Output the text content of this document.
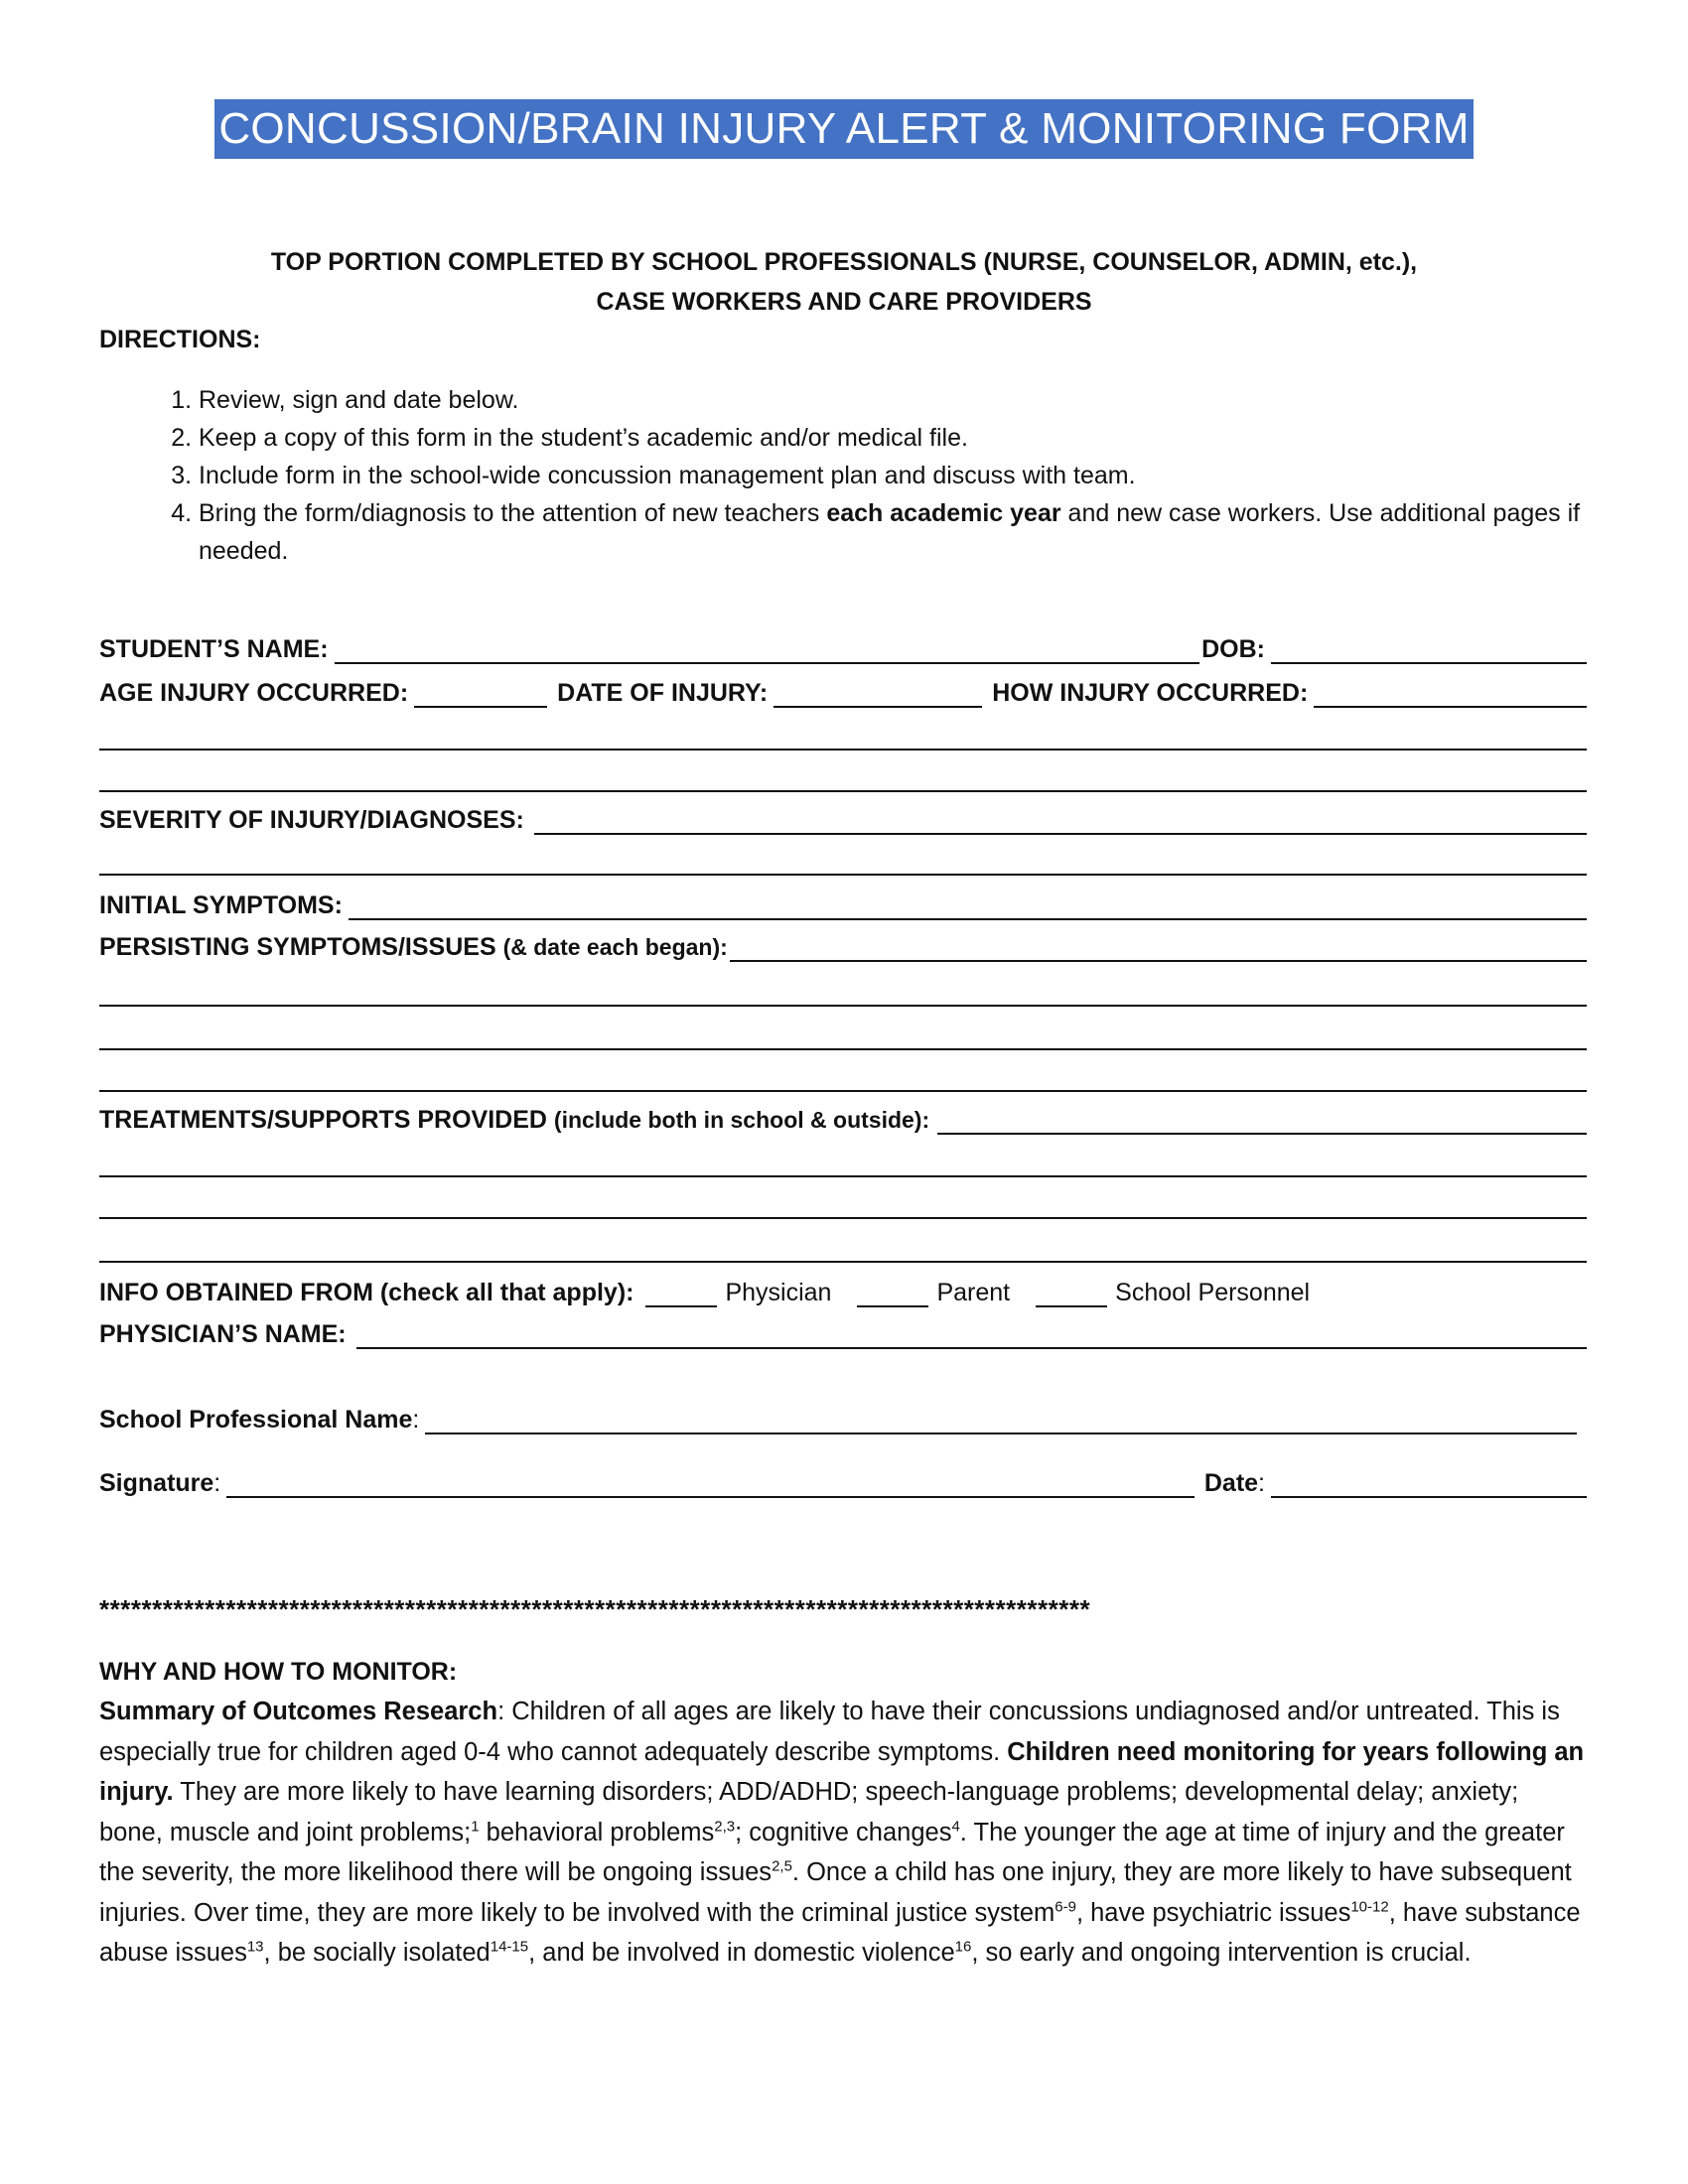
CONCUSSION/BRAIN INJURY ALERT & MONITORING FORM
TOP PORTION COMPLETED BY SCHOOL PROFESSIONALS (NURSE, COUNSELOR, ADMIN, etc.),
CASE WORKERS AND CARE PROVIDERS
DIRECTIONS:
1. Review, sign and date below.
2. Keep a copy of this form in the student’s academic and/or medical file.
3. Include form in the school-wide concussion management plan and discuss with team.
4. Bring the form/diagnosis to the attention of new teachers each academic year and new case workers. Use additional pages if needed.
STUDENT’S NAME:	DOB:
AGE INJURY OCCURRED:	DATE OF INJURY:	HOW INJURY OCCURRED:
SEVERITY OF INJURY/DIAGNOSES:
INITIAL SYMPTOMS:
PERSISTING SYMPTOMS/ISSUES (& date each began):
TREATMENTS/SUPPORTS PROVIDED (include both in school & outside):
INFO OBTAINED FROM (check all that apply):	Physician	Parent	School Personnel
PHYSICIAN’S NAME:
School Professional Name :
Signature :	Date :
**********************************************************************************************
WHY AND HOW TO MONITOR:
Summary of Outcomes Research: Children of all ages are likely to have their concussions undiagnosed and/or untreated. This is especially true for children aged 0-4 who cannot adequately describe symptoms. Children need monitoring for years following an injury. They are more likely to have learning disorders; ADD/ADHD; speech-language problems; developmental delay; anxiety; bone, muscle and joint problems;$^1$ behavioral problems$^{2,3}$; cognitive changes$^4$. The younger the age at time of injury and the greater the severity, the more likelihood there will be ongoing issues$^{2,5}$. Once a child has one injury, they are more likely to have subsequent injuries. Over time, they are more likely to be involved with the criminal justice system$^{6-9}$, have psychiatric issues$^{10-12}$, have substance abuse issues$^{13}$, be socially isolated$^{14-15}$, and be involved in domestic violence$^{16}$, so early and ongoing intervention is crucial.
